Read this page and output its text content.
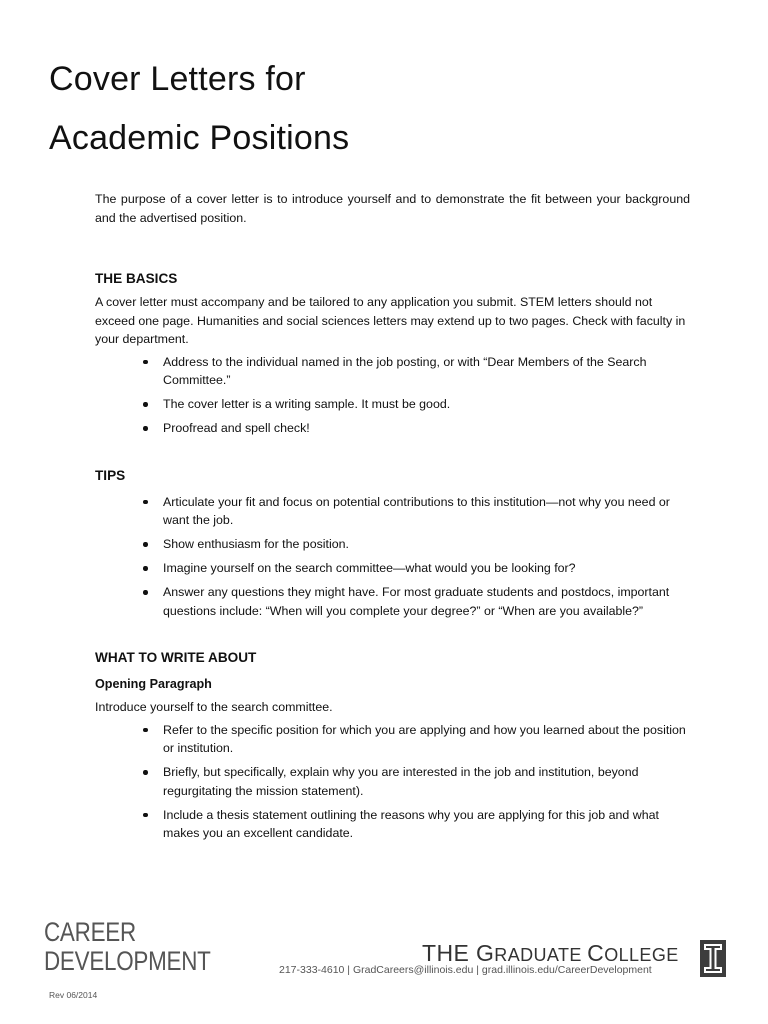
Cover Letters for
Academic Positions

The purpose of a cover letter is to introduce yourself and to demonstrate the fit between your background and the advertised position.

THE BASICS

A cover letter must accompany and be tailored to any application you submit. STEM letters should not exceed one page. Humanities and social sciences letters may extend up to two pages. Check with faculty in your department.

Address to the individual named in the job posting, or with “Dear Members of the Search Committee.”
The cover letter is a writing sample. It must be good.
Proofread and spell check!
TIPS
Articulate your fit and focus on potential contributions to this institution—not why you need or want the job.
Show enthusiasm for the position.
Imagine yourself on the search committee—what would you be looking for?
Answer any questions they might have. For most graduate students and postdocs, important questions include: “When will you complete your degree?” or “When are you available?”
WHAT TO WRITE ABOUT
Opening Paragraph

Introduce yourself to the search committee.

Refer to the specific position for which you are applying and how you learned about the position or institution.
Briefly, but specifically, explain why you are interested in the job and institution, beyond regurgitating the mission statement).
Include a thesis statement outlining the reasons why you are applying for this job and what makes you an excellent candidate.
CAREER
DEVELOPMENT
Rev 06/2014
THE GRADUATE COLLEGE
217-333-4610 | GradCareers@illinois.edu | grad.illinois.edu/CareerDevelopment
